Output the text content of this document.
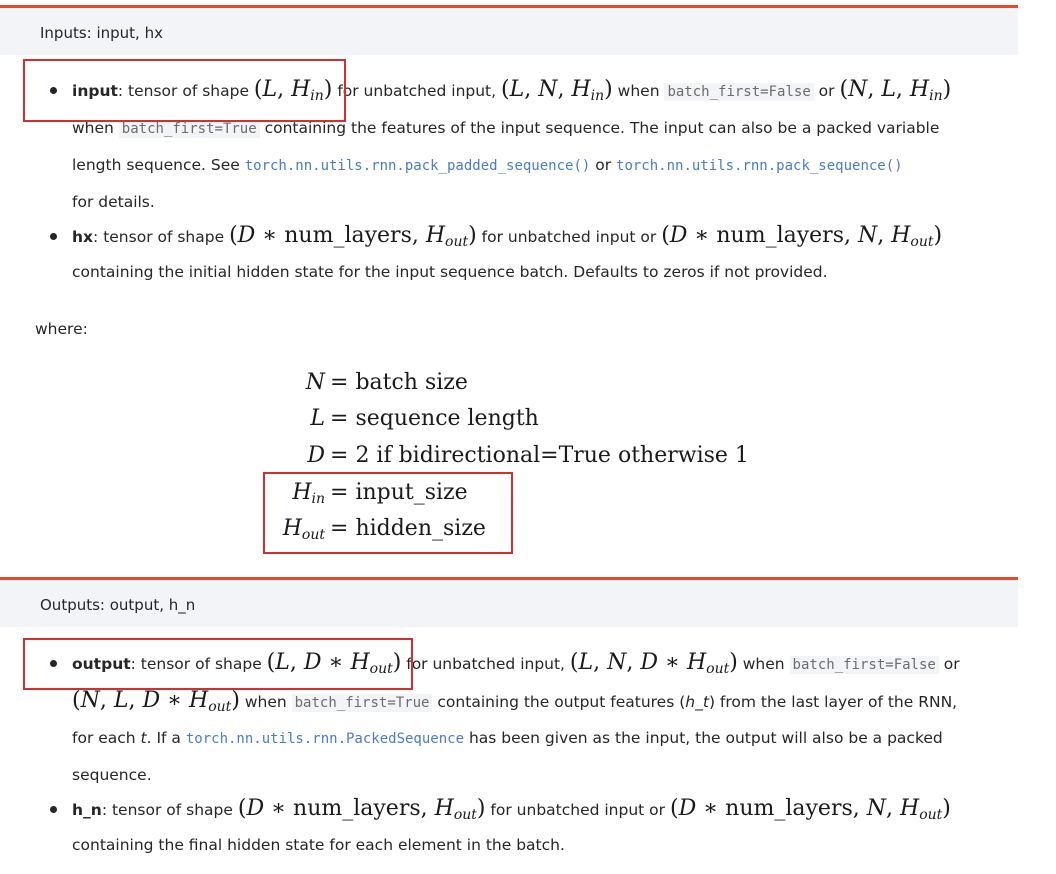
Inputs: input, hx
input: tensor of shape (L, $H_{in}$) for unbatched input, (L, N, $H_{in}$) when batch_first=False or (N, L, $H_{in}$)
when batch_first=True containing the features of the input sequence. The input can also be a packed variable
length sequence. See torch.nn.utils.rnn.pack_padded_sequence() or torch.nn.utils.rnn.pack_sequence()
for details.
hx: tensor of shape (D ∗ num_layers, $H_{out}$) for unbatched input or (D ∗ num_layers, N, $H_{out}$)
containing the initial hidden state for the input sequence batch. Defaults to zeros if not provided.
where:
N = batch size
L = sequence length
D = 2 if bidirectional=True otherwise 1
$H_{in}$ = input_size
$H_{out}$ = hidden_size
Outputs: output, h_n
output: tensor of shape (L, D ∗ $H_{out}$) for unbatched input, (L, N, D ∗ $H_{out}$) when batch_first=False or
(N, L, D ∗ $H_{out}$) when batch_first=True containing the output features (h_t) from the last layer of the RNN,
for each t. If a torch.nn.utils.rnn.PackedSequence has been given as the input, the output will also be a packed
sequence.
h_n: tensor of shape (D ∗ num_layers, $H_{out}$) for unbatched input or (D ∗ num_layers, N, $H_{out}$)
containing the final hidden state for each element in the batch.
